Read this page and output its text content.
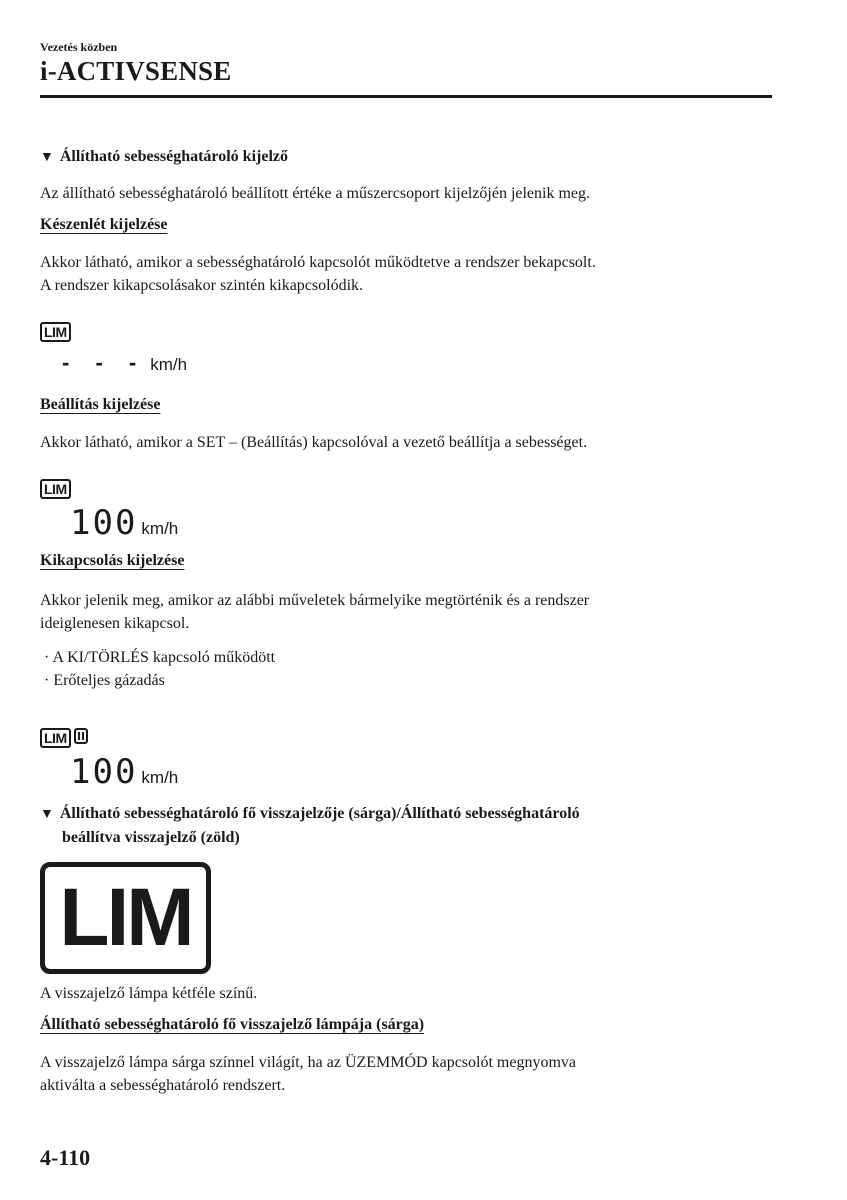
Vezetés közben
i-ACTIVSENSE
▼ Állítható sebességhatároló kijelző
Az állítható sebességhatároló beállított értéke a műszercsoport kijelzőjén jelenik meg.
Készenlét kijelzése
Akkor látható, amikor a sebességhatároló kapcsolót működtetve a rendszer bekapcsolt.
A rendszer kikapcsolásakor szintén kikapcsolódik.
LIM
- - - km/h
Beállítás kijelzése
Akkor látható, amikor a SET – (Beállítás) kapcsolóval a vezető beállítja a sebességet.
LIM
100 km/h
Kikapcsolás kijelzése
Akkor jelenik meg, amikor az alábbi műveletek bármelyike megtörténik és a rendszer
ideiglenesen kikapcsol.
· A KI/TÖRLÉS kapcsoló működött
· Erőteljes gázadás
LIM
100 km/h
▼ Állítható sebességhatároló fő visszajelzője (sárga)/Állítható sebességhatároló
beállítva visszajelző (zöld)
LIM
A visszajelző lámpa kétféle színű.
Állítható sebességhatároló fő visszajelző lámpája (sárga)
A visszajelző lámpa sárga színnel világít, ha az ÜZEMMÓD kapcsolót megnyomva
aktiválta a sebességhatároló rendszert.
4-110
